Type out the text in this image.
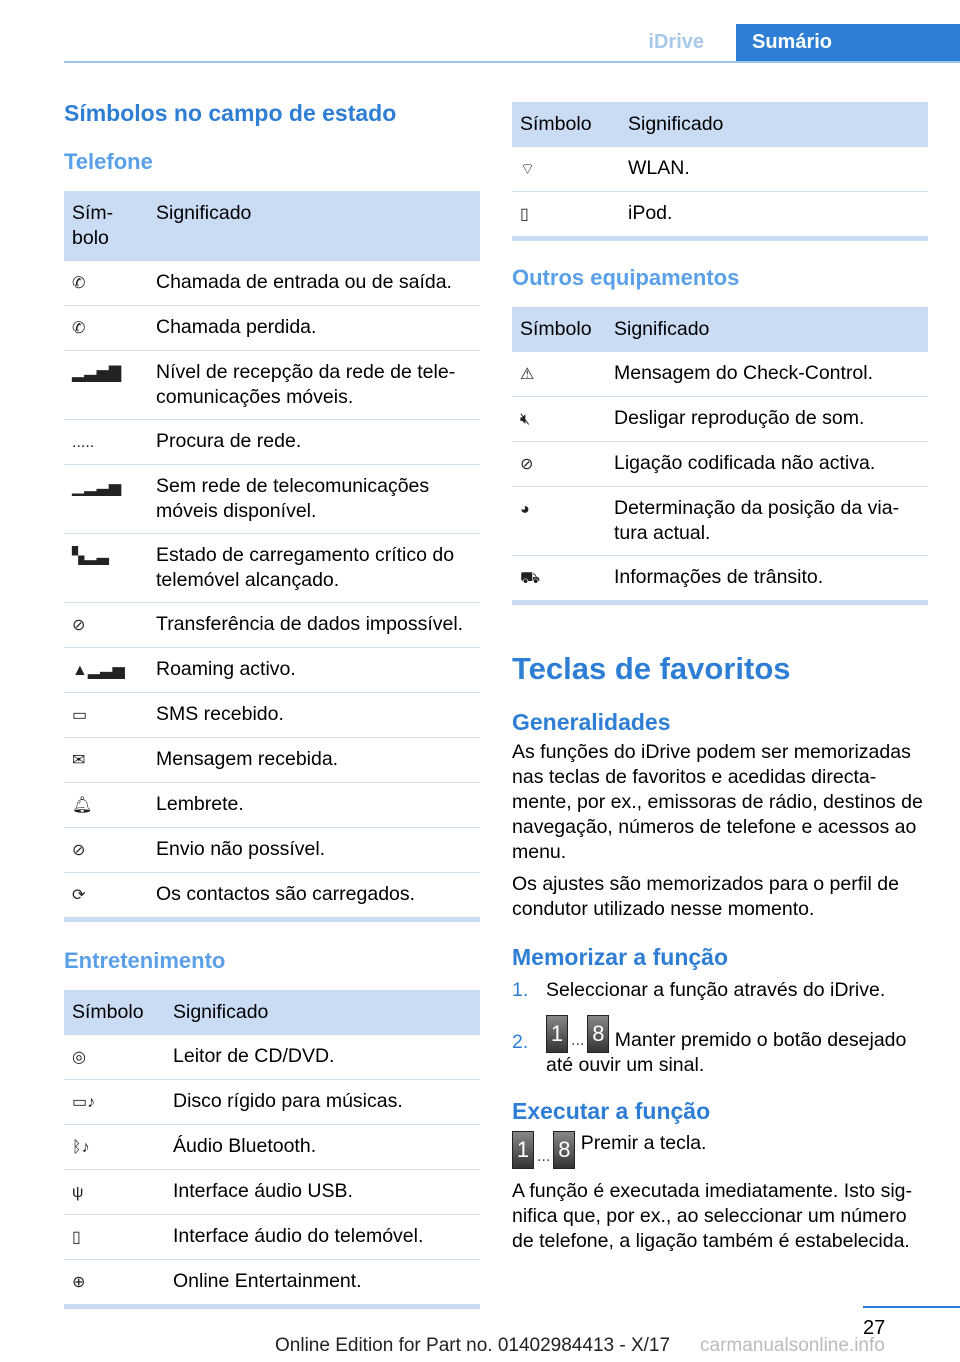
iDrive	Sumário
Símbolos no campo de estado
Telefone
Sím-
bolo	Significado
✆	Chamada de entrada ou de saída.
✆	Chamada perdida.
▂▃▅▇	Nível de recepção da rede de tele-comunicações móveis.
.....	Procura de rede.
▁▂▃▅	Sem rede de telecomunicações móveis disponível.
▚▂▃	Estado de carregamento crítico do telemóvel alcançado.
⊘	Transferência de dados impossível.
▲▂▃▅	Roaming activo.
▭	SMS recebido.
✉	Mensagem recebida.
🔔︎	Lembrete.
⊘	Envio não possível.
⟳	Os contactos são carregados.
Entretenimento
Símbolo	Significado
◎	Leitor de CD/DVD.
▭♪	Disco rígido para músicas.
ᛒ♪	Áudio Bluetooth.
ψ	Interface áudio USB.
▯	Interface áudio do telemóvel.
⊕	Online Entertainment.
Símbolo	Significado
⌔	WLAN.
▯	iPod.
Outros equipamentos
Símbolo	Significado
⚠	Mensagem do Check-Control.
🔇︎	Desligar reprodução de som.
⊘	Ligação codificada não activa.
◕	Determinação da posição da via-tura actual.
⛟	Informações de trânsito.
Teclas de favoritos
Generalidades

As funções do iDrive podem ser memorizadas nas teclas de favoritos e acedidas directa-mente, por ex., emissoras de rádio, destinos de navegação, números de telefone e acessos ao menu.

Os ajustes são memorizados para o perfil de condutor utilizado nesse momento.

Memorizar a função
1. Seleccionar a função através do iDrive.
2. 1 ... 8 Manter premido o botão desejado até ouvir um sinal.
Executar a função
1 ... 8 Premir a tecla.

A função é executada imediatamente. Isto sig-nifica que, por ex., ao seleccionar um número de telefone, a ligação também é estabelecida.

27
Online Edition for Part no. 01402984413 - X/17 carmanualsonline.info
